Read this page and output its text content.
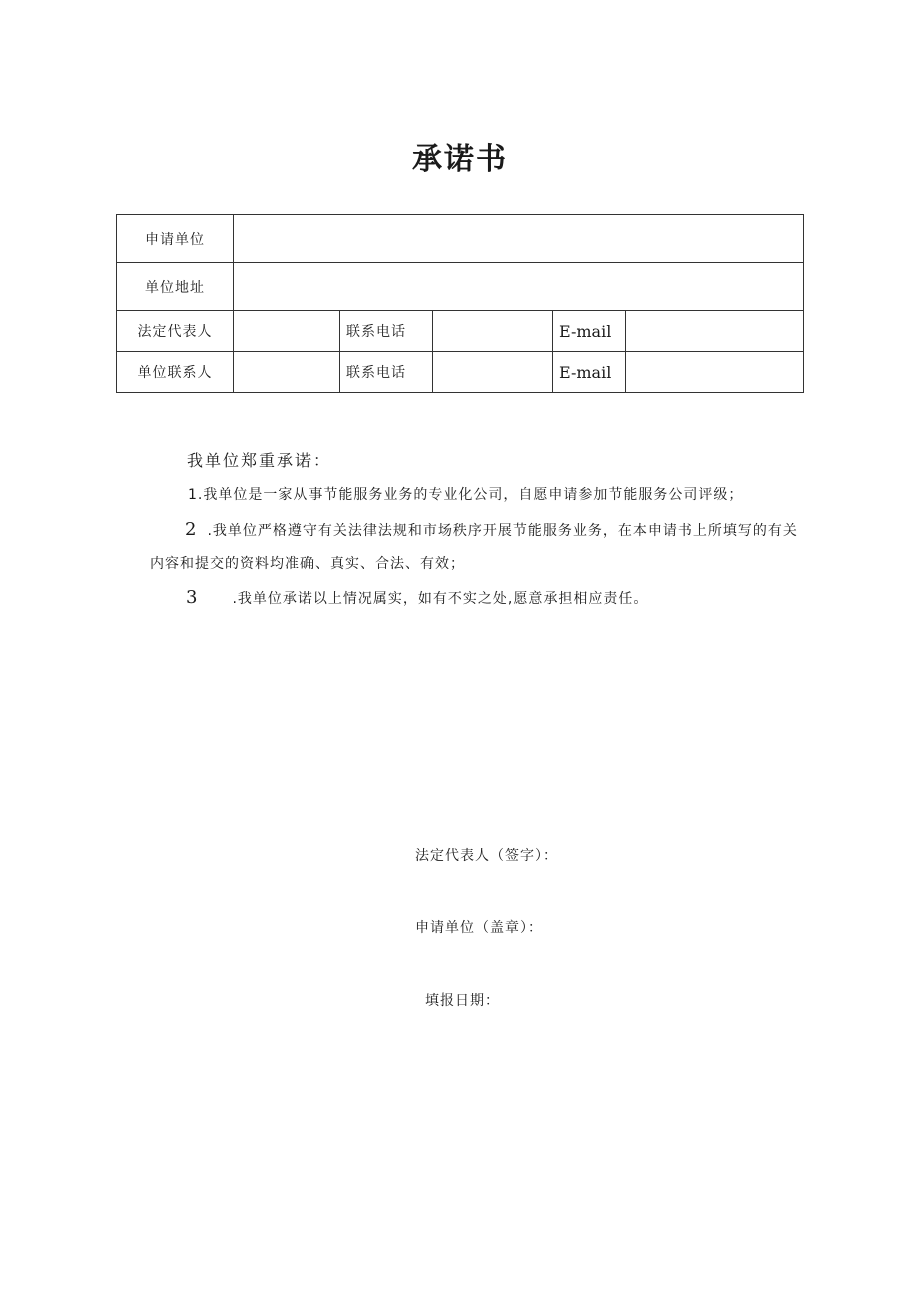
承诺书
申请单位					
单位地址					
法定代表人		联系电话		E-mail	
单位联系人		联系电话		E-mail	
我单位郑重承诺：
1.我单位是一家从事节能服务业务的专业化公司，自愿申请参加节能服务公司评级；
2 .我单位严格遵守有关法律法规和市场秩序开展节能服务业务，在本申请书上所填写的有关
内容和提交的资料均准确、真实、合法、有效；
3 .我单位承诺以上情况属实，如有不实之处,愿意承担相应责任。
法定代表人（签字）：
申请单位（盖章）：
填报日期：
